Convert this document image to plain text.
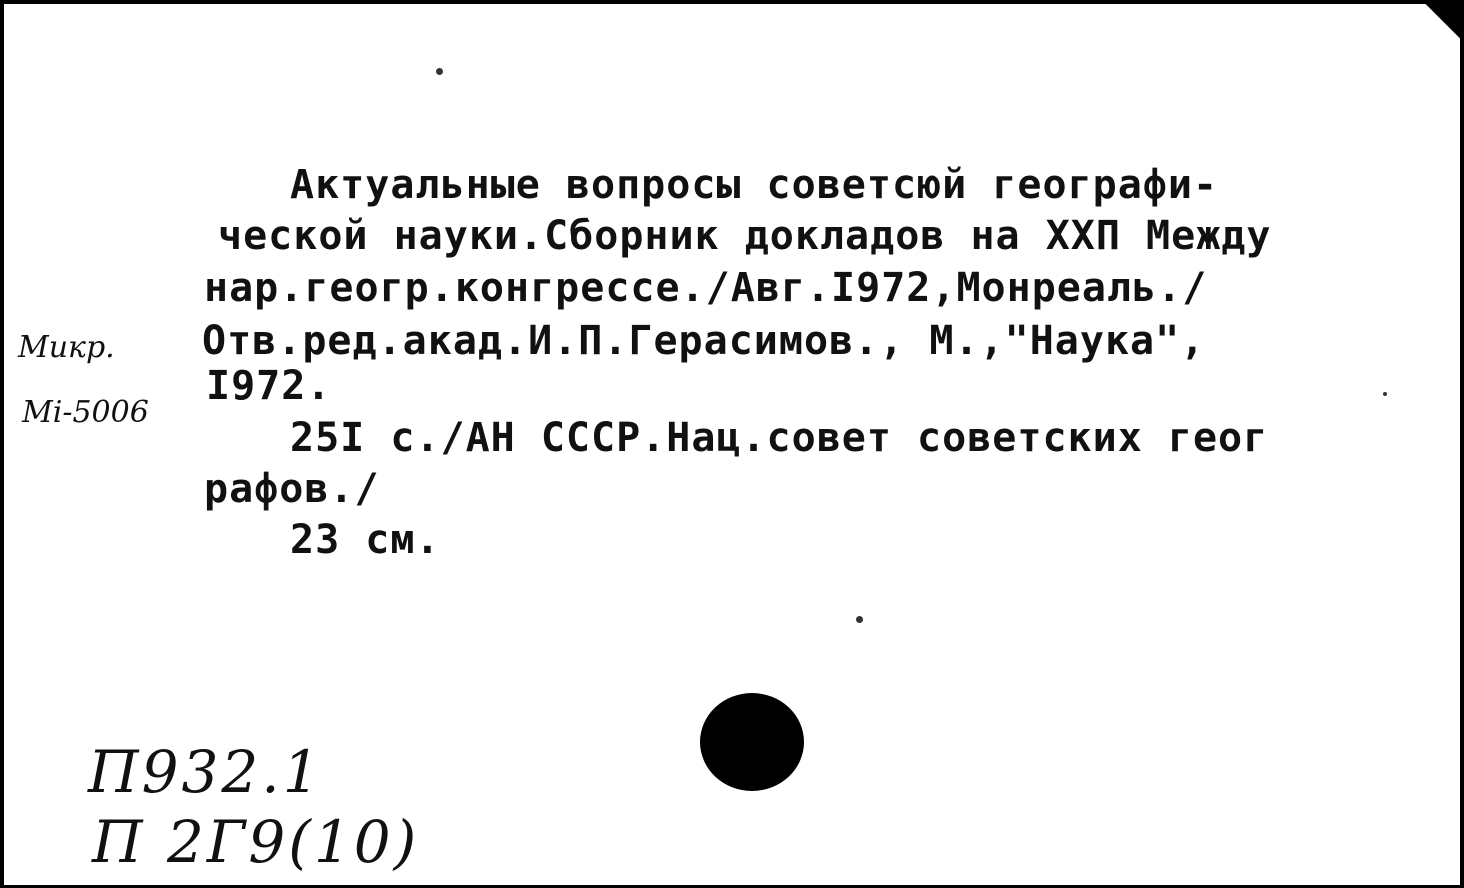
Актуальные вопросы советсюй географи-
ческой науки.Сборник докладов на ХХП Между
нар.геогр.конгрессе./Авг.I972,Монреаль./
Отв.ред.акад.И.П.Герасимов., М.,"Наука",
I972.
25I с./АН СССР.Нац.совет советских геог
рафов./
23 см.
Микр.
Mi-5006
П932.1
П 2Г9(10)
